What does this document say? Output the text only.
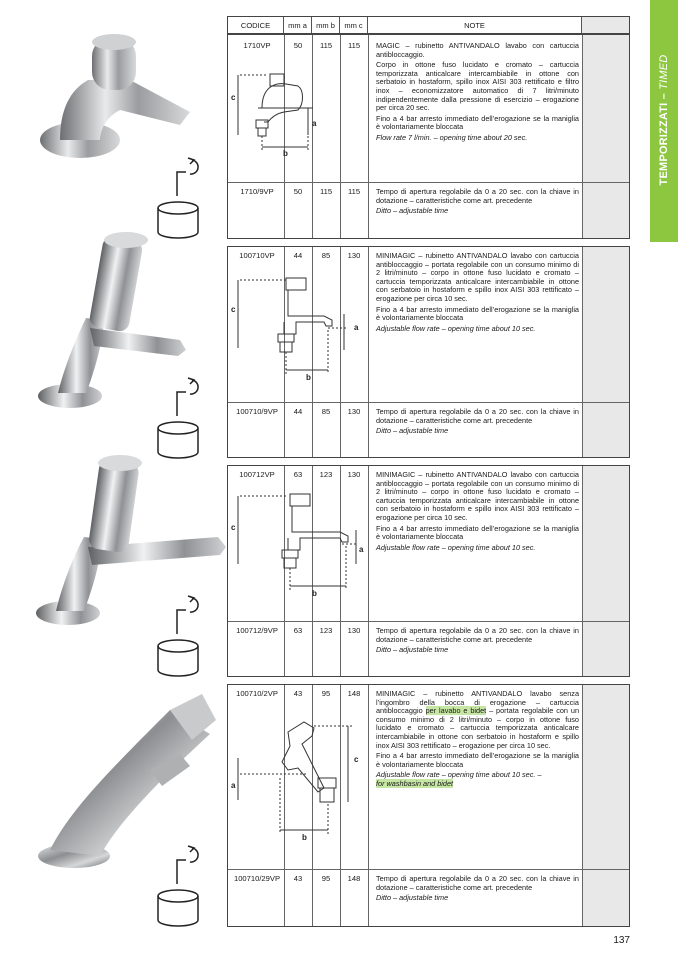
TEMPORIZZATI – TIMED
CODICE	mm a	mm b	mm c	NOTE
1710VP	50	115	115	MAGIC – rubinetto ANTIVANDALO lavabo con cartuccia antibloccaggio.

Corpo in ottone fuso lucidato e cromato – cartuccia temporizzata anticalcare intercambiabile in ottone con serbatoio in hostaform, spillo inox AISI 303 rettificato e filtro inox – economizzatore automatico di 7 litri/minuto indipendentemente dalla pressione di esercizio – erogazione per circa 20 sec.

Fino a 4 bar arresto immediato dell’erogazione se la maniglia è volontariamente bloccata

Flow rate 7 l/min. – opening time about 20 sec.

1710/9VP	50	115	115	Tempo di apertura regolabile da 0 a 20 sec. con la chiave in dotazione – caratteristiche come art. precedente

Ditto – adjustable time

100710VP	44	85	130	MINIMAGIC – rubinetto ANTIVANDALO lavabo con cartuccia antibloccaggio – portata regolabile con un consumo minimo di 2 litri/minuto – corpo in ottone fuso lucidato e cromato – cartuccia temporizzata anticalcare intercambiabile in ottone con serbatoio in hostaform e spillo inox AISI 303 rettificato – erogazione per circa 10 sec.

Fino a 4 bar arresto immediato dell’erogazione se la maniglia è volontariamente bloccata

Adjustable flow rate – opening time about 10 sec.

100710/9VP	44	85	130	Tempo di apertura regolabile da 0 a 20 sec. con la chiave in dotazione – caratteristiche come art. precedente

Ditto – adjustable time

100712VP	63	123	130	MINIMAGIC – rubinetto ANTIVANDALO lavabo con cartuccia antibloccaggio – portata regolabile con un consumo minimo di 2 litri/minuto – corpo in ottone fuso lucidato e cromato – cartuccia temporizzata anticalcare intercambiabile in ottone con serbatoio in hostaform e spillo inox AISI 303 rettificato – erogazione per circa 10 sec.

Fino a 4 bar arresto immediato dell’erogazione se la maniglia è volontariamente bloccata

Adjustable flow rate – opening time about 10 sec.

100712/9VP	63	123	130	Tempo di apertura regolabile da 0 a 20 sec. con la chiave in dotazione – caratteristiche come art. precedente

Ditto – adjustable time

100710/2VP	43	95	148	MINIMAGIC – rubinetto ANTIVANDALO lavabo senza l’ingombro della bocca di erogazione – cartuccia antibloccaggio per lavabo e bidet – portata regolabile con un consumo minimo di 2 litri/minuto – corpo in ottone fuso lucidato e cromato – cartuccia temporizzata anticalcare intercambiabile in ottone con serbatoio in hostaform e spillo inox AISI 303 rettificato – erogazione per circa 10 sec.

Fino a 4 bar arresto immediato dell’erogazione se la maniglia è volontariamente bloccata

Adjustable flow rate – opening time about 10 sec. –
for washbasin and bidet

100710/29VP	43	95	148	Tempo di apertura regolabile da 0 a 20 sec. con la chiave in dotazione – caratteristiche come art. precedente

Ditto – adjustable time

c
a
b
c
a
b
c
a
b
a
c
b
137
